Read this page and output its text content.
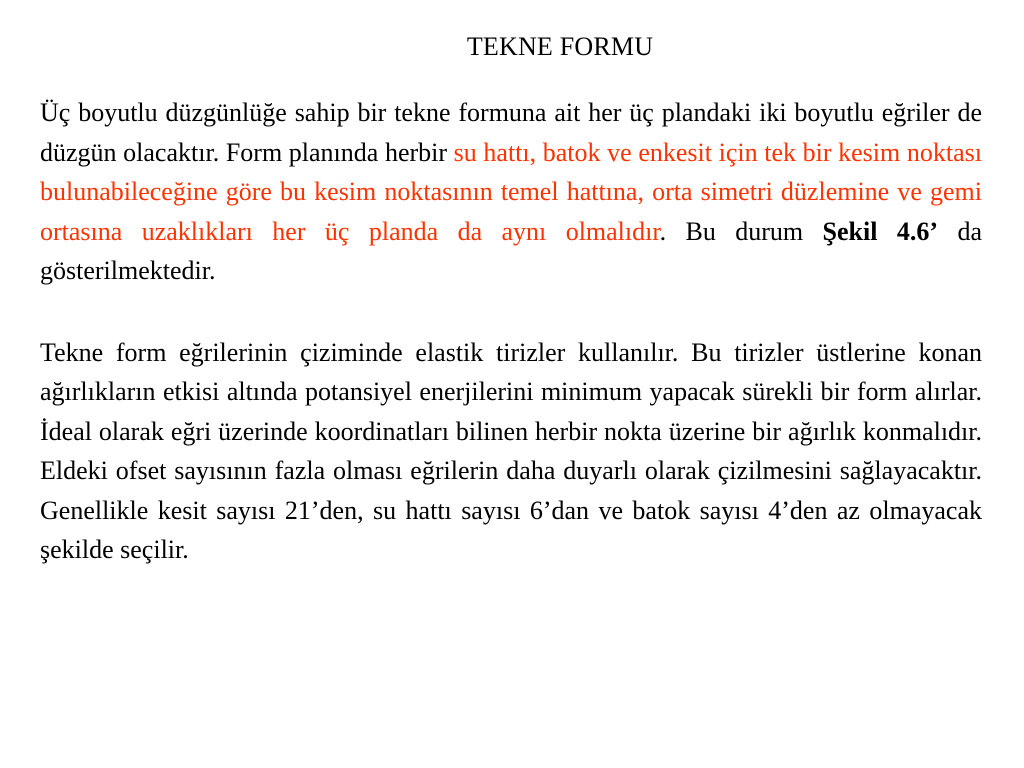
TEKNE FORMU

Üç boyutlu düzgünlüğe sahip bir tekne formuna ait her üç plandaki iki boyutlu eğriler de düzgün olacaktır. Form planında herbir su hattı, batok ve enkesit için tek bir kesim noktası bulunabileceğine göre bu kesim noktasının temel hattına, orta simetri düzlemine ve gemi ortasına uzaklıkları her üç planda da aynı olmalıdır. Bu durum Şekil 4.6’ da gösterilmektedir.

Tekne form eğrilerinin çiziminde elastik tirizler kullanılır. Bu tirizler üstlerine konan ağırlıkların etkisi altında potansiyel enerjilerini minimum yapacak sürekli bir form alırlar. İdeal olarak eğri üzerinde koordinatları bilinen herbir nokta üzerine bir ağırlık konmalıdır. Eldeki ofset sayısının fazla olması eğrilerin daha duyarlı olarak çizilmesini sağlayacaktır. Genellikle kesit sayısı 21’den, su hattı sayısı 6’dan ve batok sayısı 4’den az olmayacak şekilde seçilir.
